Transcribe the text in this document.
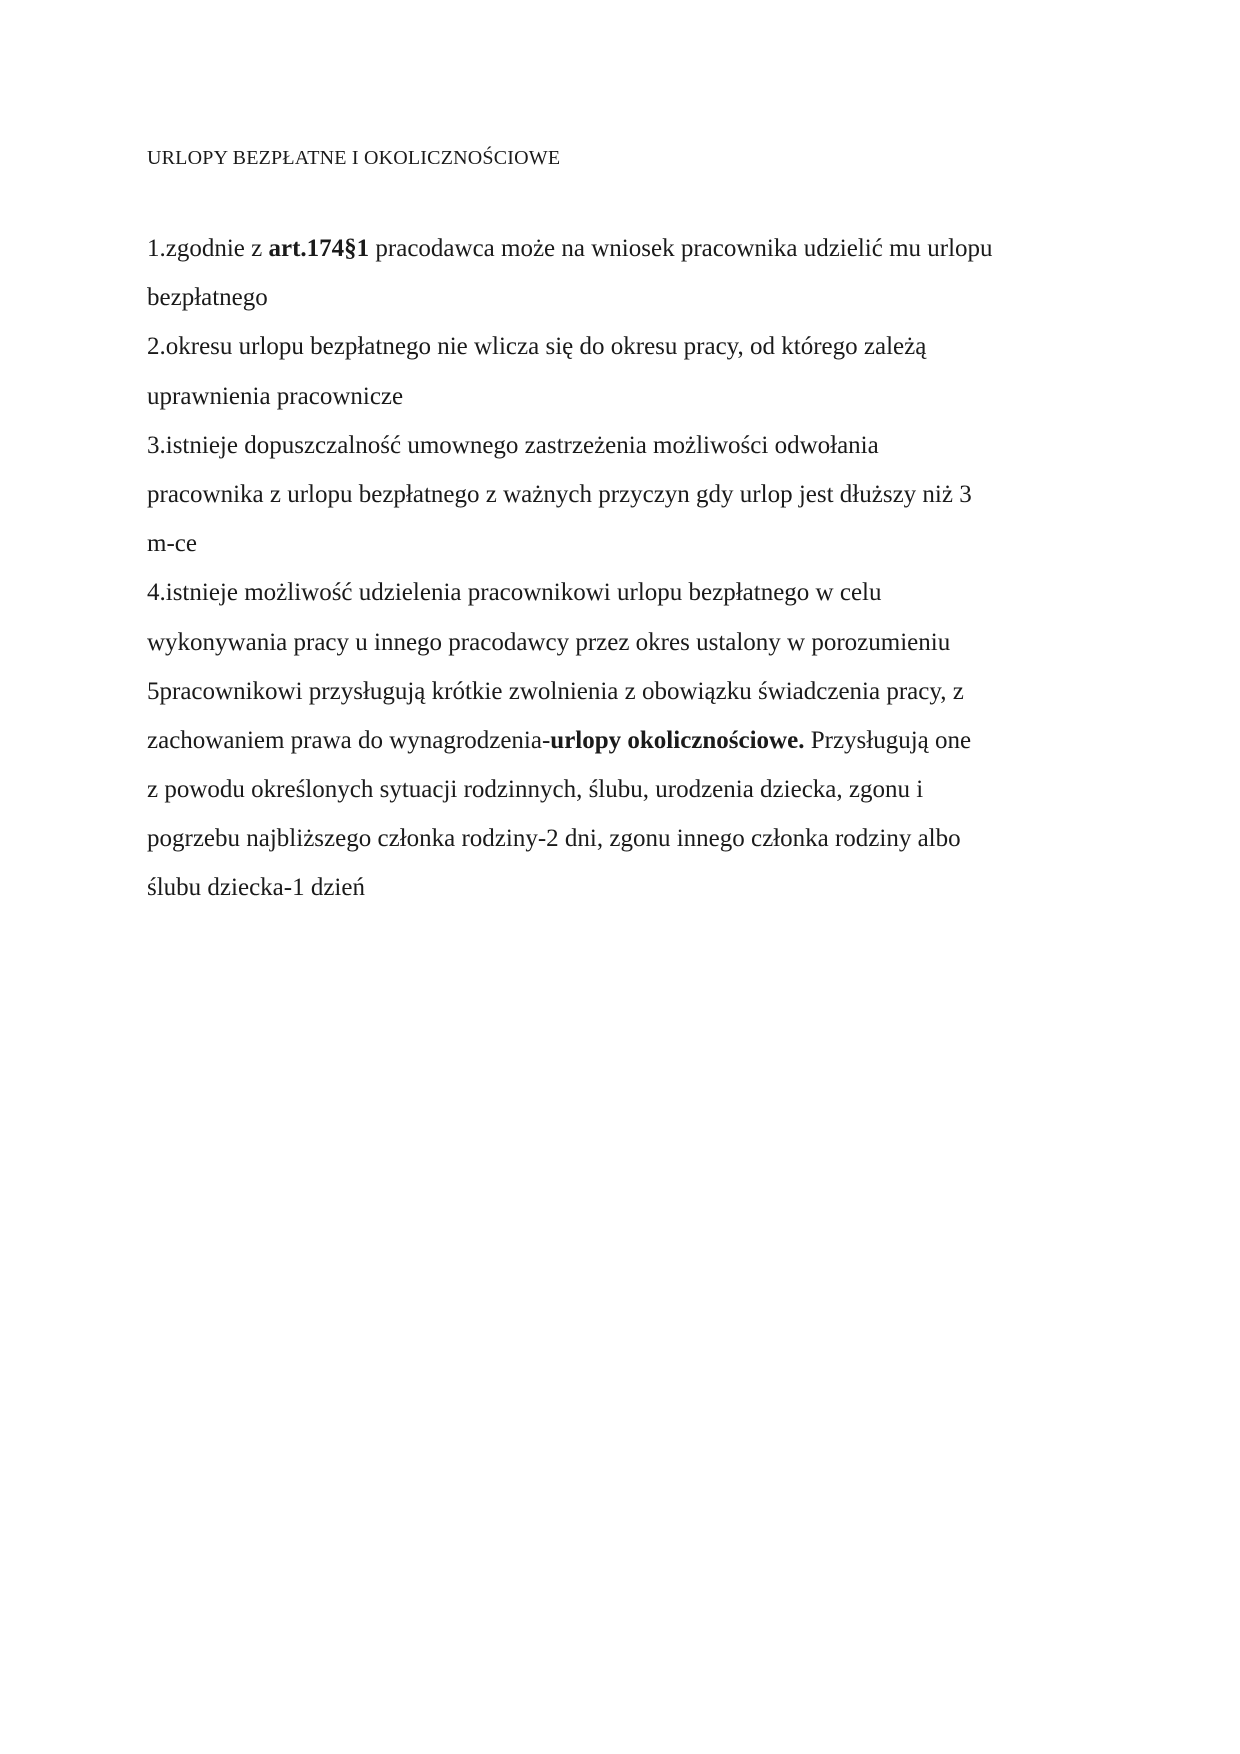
URLOPY BEZPŁATNE I OKOLICZNOŚCIOWE
1.zgodnie z art.174§1 pracodawca może na wniosek pracownika udzielić mu urlopu
bezpłatnego
2.okresu urlopu bezpłatnego nie wlicza się do okresu pracy, od którego zależą
uprawnienia pracownicze
3.istnieje dopuszczalność umownego zastrzeżenia możliwości odwołania
pracownika z urlopu bezpłatnego z ważnych przyczyn gdy urlop jest dłuższy niż 3
m-ce
4.istnieje możliwość udzielenia pracownikowi urlopu bezpłatnego w celu
wykonywania pracy u innego pracodawcy przez okres ustalony w porozumieniu
5pracownikowi przysługują krótkie zwolnienia z obowiązku świadczenia pracy, z
zachowaniem prawa do wynagrodzenia-urlopy okolicznościowe. Przysługują one
z powodu określonych sytuacji rodzinnych, ślubu, urodzenia dziecka, zgonu i
pogrzebu najbliższego członka rodziny-2 dni, zgonu innego członka rodziny albo
ślubu dziecka-1 dzień
